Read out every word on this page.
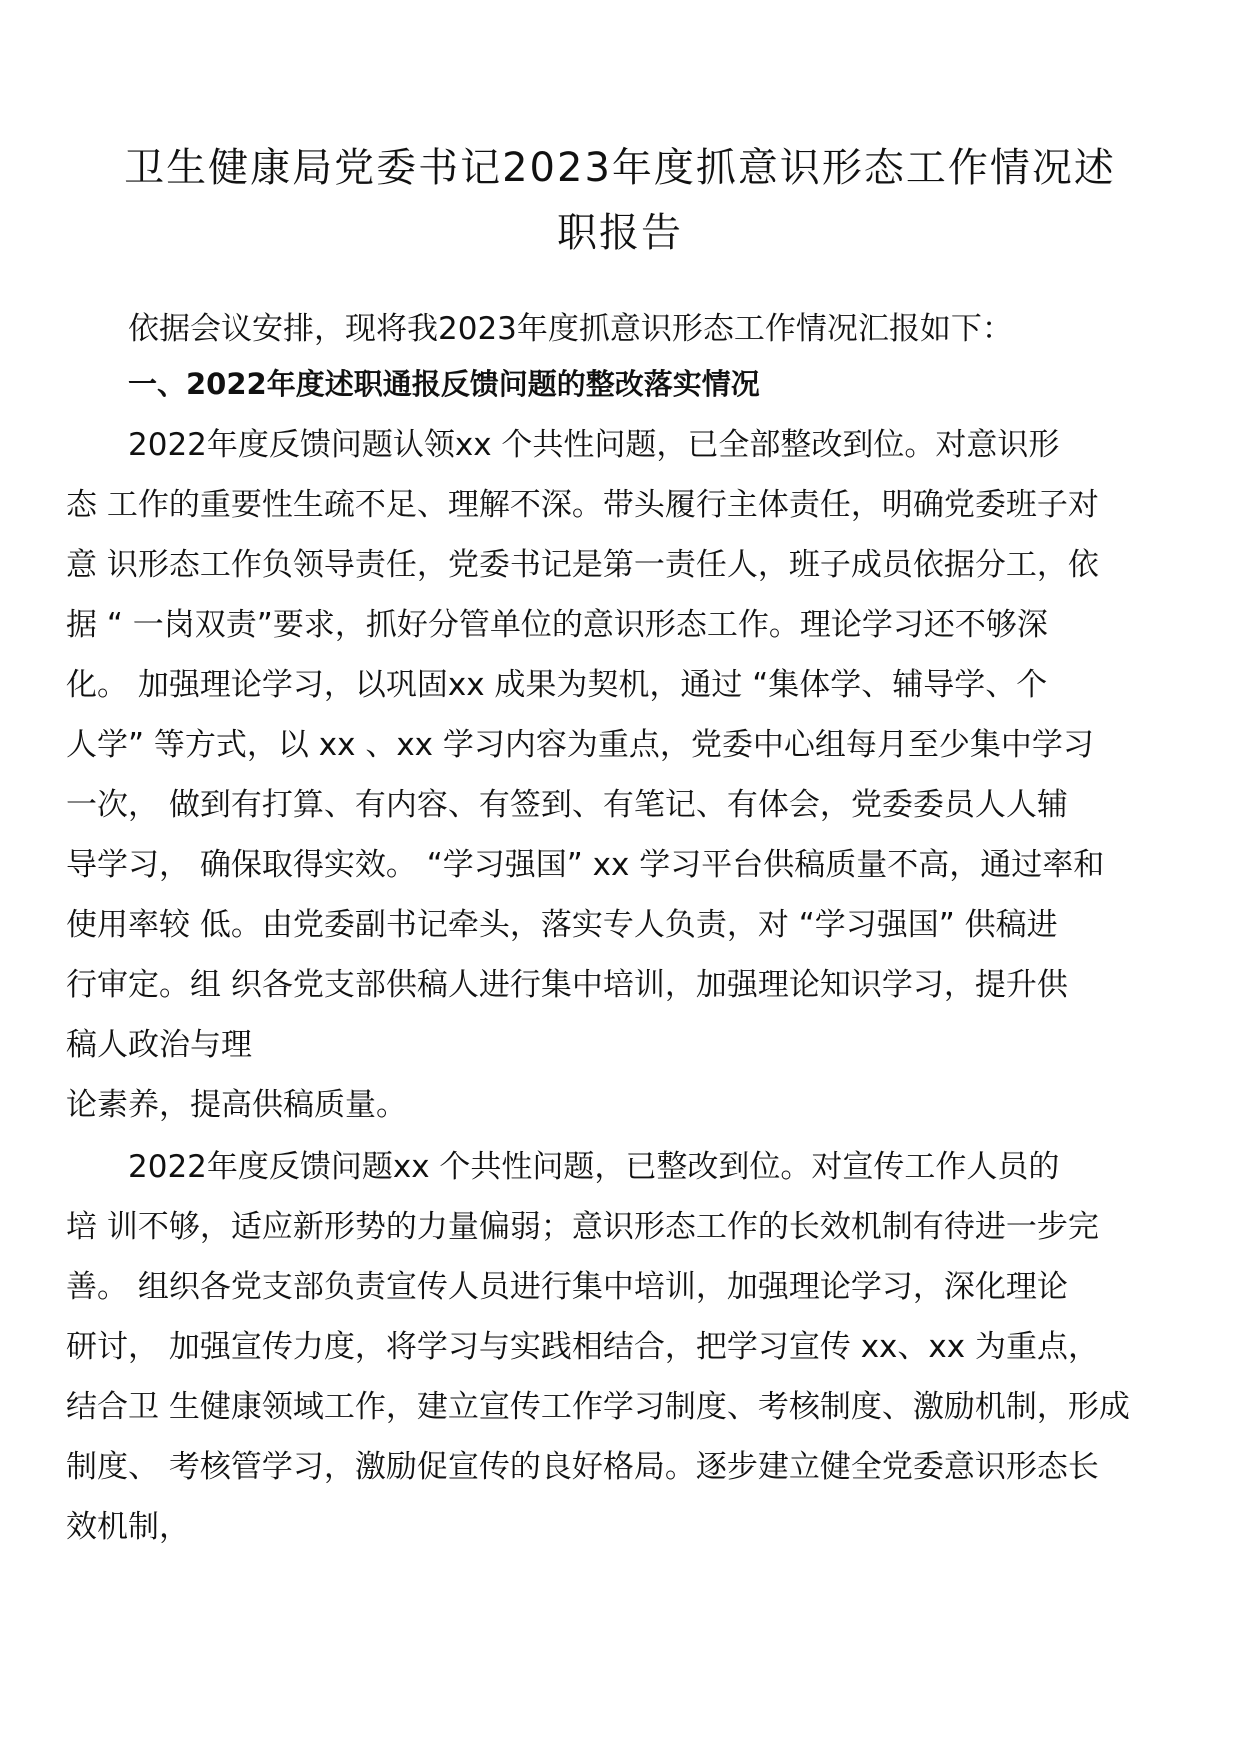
卫生健康局党委书记2023年度抓意识形态工作情况述
职报告
依据会议安排，现将我2023年度抓意识形态工作情况汇报如下：
一、2022年度述职通报反馈问题的整改落实情况
2022年度反馈问题认领xx 个共性问题，已全部整改到位。对意识形
态 工作的重要性生疏不足、理解不深。带头履行主体责任，明确党委班子对
意 识形态工作负领导责任，党委书记是第一责任人，班子成员依据分工，依
据 “ 一岗双责”要求，抓好分管单位的意识形态工作。理论学习还不够深
化。 加强理论学习，以巩固xx 成果为契机，通过 “集体学、辅导学、个
人学” 等方式，以 xx 、xx 学习内容为重点，党委中心组每月至少集中学习
一次， 做到有打算、有内容、有签到、有笔记、有体会，党委委员人人辅
导学习， 确保取得实效。 “学习强国” xx 学习平台供稿质量不高，通过率和
使用率较 低。由党委副书记牵头，落实专人负责，对 “学习强国” 供稿进
行审定。组 织各党支部供稿人进行集中培训，加强理论知识学习，提升供
稿人政治与理
论素养，提高供稿质量。
2022年度反馈问题xx 个共性问题，已整改到位。对宣传工作人员的
培 训不够，适应新形势的力量偏弱；意识形态工作的长效机制有待进一步完
善。 组织各党支部负责宣传人员进行集中培训，加强理论学习，深化理论
研讨， 加强宣传力度，将学习与实践相结合，把学习宣传 xx、xx 为重点，
结合卫 生健康领域工作，建立宣传工作学习制度、考核制度、激励机制，形成
制度、 考核管学习，激励促宣传的良好格局。逐步建立健全党委意识形态长
效机制，
